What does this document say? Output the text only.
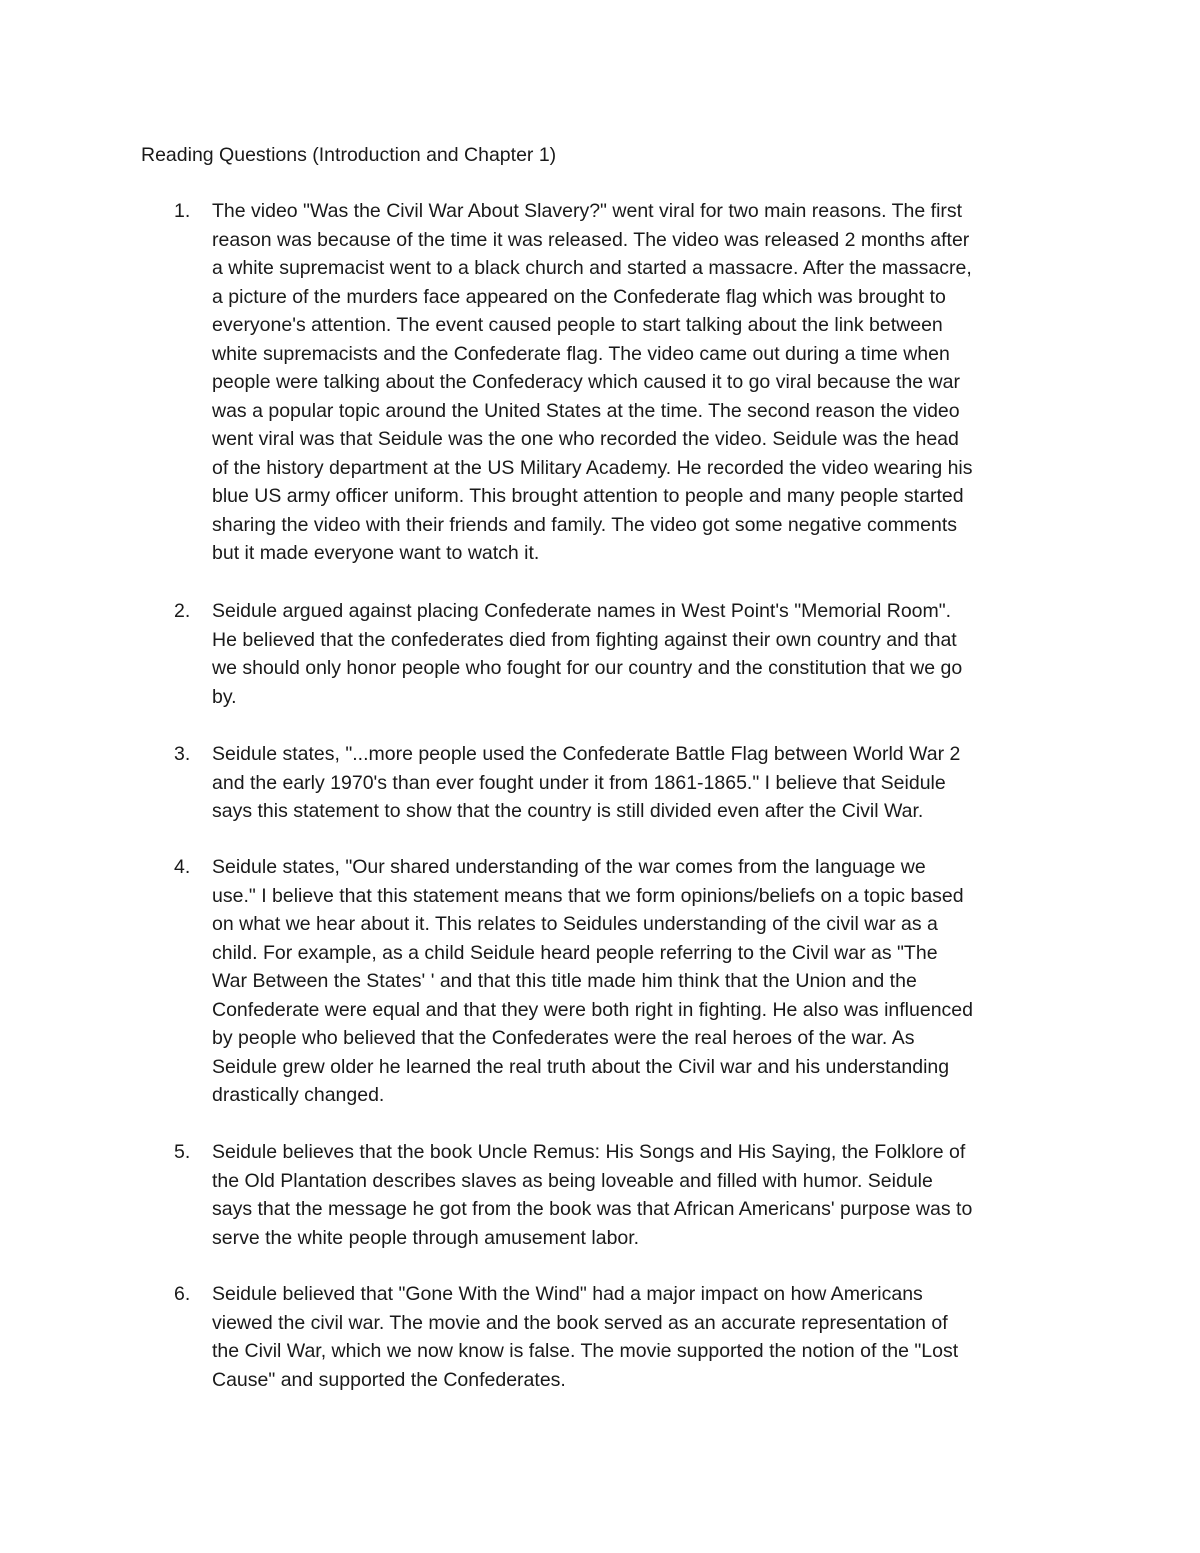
Reading Questions (Introduction and Chapter 1)
1.	The video "Was the Civil War About Slavery?" went viral for two main reasons. The first
reason was because of the time it was released. The video was released 2 months after
a white supremacist went to a black church and started a massacre. After the massacre,
a picture of the murders face appeared on the Confederate flag which was brought to
everyone's attention. The event caused people to start talking about the link between
white supremacists and the Confederate flag. The video came out during a time when
people were talking about the Confederacy which caused it to go viral because the war
was a popular topic around the United States at the time. The second reason the video
went viral was that Seidule was the one who recorded the video. Seidule was the head
of the history department at the US Military Academy. He recorded the video wearing his
blue US army officer uniform. This brought attention to people and many people started
sharing the video with their friends and family. The video got some negative comments
but it made everyone want to watch it.
2.	Seidule argued against placing Confederate names in West Point's "Memorial Room".
He believed that the confederates died from fighting against their own country and that
we should only honor people who fought for our country and the constitution that we go
by.
3.	Seidule states, "...more people used the Confederate Battle Flag between World War 2
and the early 1970's than ever fought under it from 1861-1865." I believe that Seidule
says this statement to show that the country is still divided even after the Civil War.
4.	Seidule states, "Our shared understanding of the war comes from the language we
use." I believe that this statement means that we form opinions/beliefs on a topic based
on what we hear about it. This relates to Seidules understanding of the civil war as a
child. For example, as a child Seidule heard people referring to the Civil war as "The
War Between the States' ' and that this title made him think that the Union and the
Confederate were equal and that they were both right in fighting. He also was influenced
by people who believed that the Confederates were the real heroes of the war. As
Seidule grew older he learned the real truth about the Civil war and his understanding
drastically changed.
5.	Seidule believes that the book Uncle Remus: His Songs and His Saying, the Folklore of
the Old Plantation describes slaves as being loveable and filled with humor. Seidule
says that the message he got from the book was that African Americans' purpose was to
serve the white people through amusement labor.
6.	Seidule believed that "Gone With the Wind" had a major impact on how Americans
viewed the civil war. The movie and the book served as an accurate representation of
the Civil War, which we now know is false. The movie supported the notion of the "Lost
Cause" and supported the Confederates.
